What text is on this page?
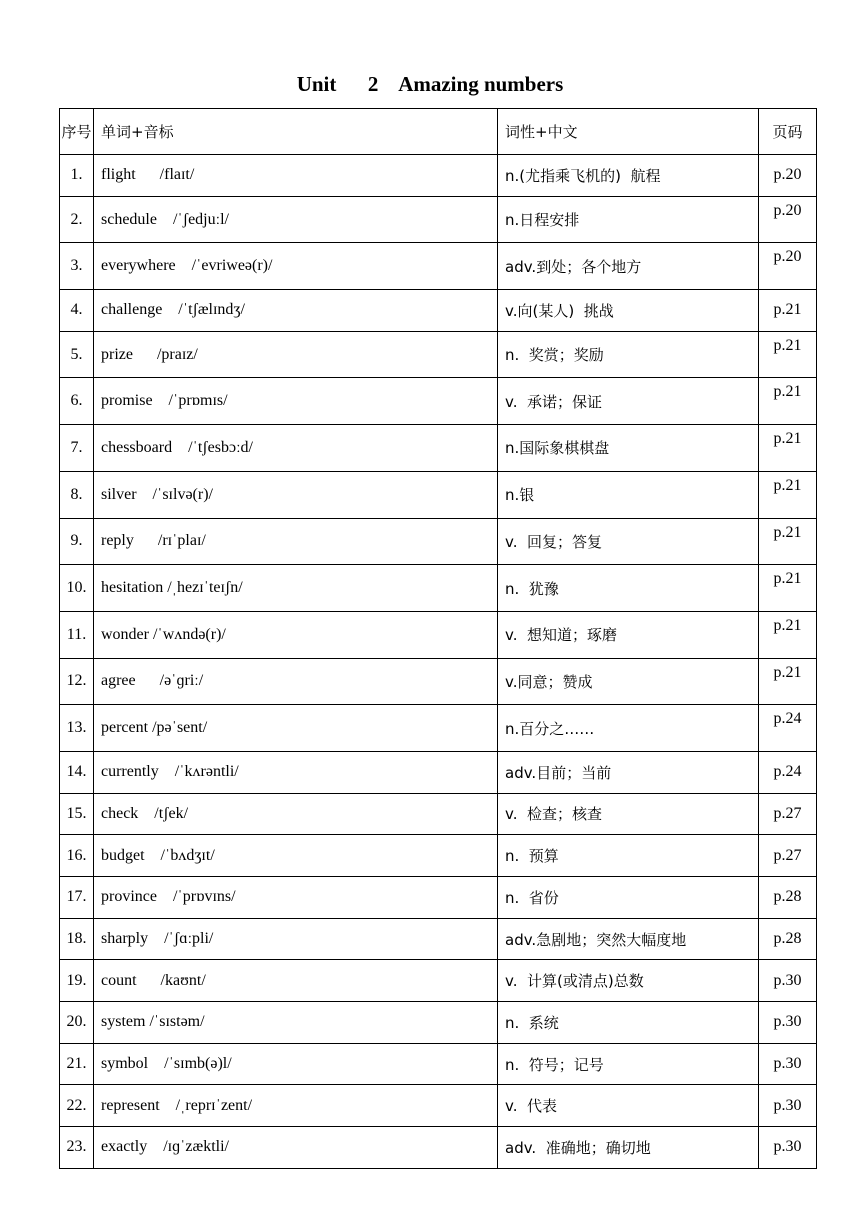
Unit      2    Amazing numbers
序号	单词+音标	词性+中文	页码
1.	flight      /flaɪt/	n.(尤指乘飞机的)  航程	p.20
2.	schedule    /ˈʃedjuːl/	n.日程安排	p.20
3.	everywhere    /ˈevriweə(r)/	adv.到处；各个地方	p.20
4.	challenge    /ˈtʃælɪndʒ/	v.向(某人)  挑战	p.21
5.	prize      /praɪz/	n.  奖赏；奖励	p.21
6.	promise    /ˈprɒmɪs/	v.  承诺；保证	p.21
7.	chessboard    /ˈtʃesbɔːd/	n.国际象棋棋盘	p.21
8.	silver    /ˈsɪlvə(r)/	n.银	p.21
9.	reply      /rɪˈplaɪ/	v.  回复；答复	p.21
10.	hesitation /ˌhezɪˈteɪʃn/	n.  犹豫	p.21
11.	wonder /ˈwʌndə(r)/	v.  想知道；琢磨	p.21
12.	agree      /əˈɡriː/	v.同意；赞成	p.21
13.	percent /pəˈsent/	n.百分之……	p.24
14.	currently    /ˈkʌrəntli/	adv.目前；当前	p.24
15.	check    /tʃek/	v.  检查；核查	p.27
16.	budget    /ˈbʌdʒɪt/	n.  预算	p.27
17.	province    /ˈprɒvɪns/	n.  省份	p.28
18.	sharply    /ˈʃɑːpli/	adv.急剧地；突然大幅度地	p.28
19.	count      /kaʊnt/	v.  计算(或清点)总数	p.30
20.	system /ˈsɪstəm/	n.  系统	p.30
21.	symbol    /ˈsɪmb(ə)l/	n.  符号；记号	p.30
22.	represent    /ˌreprɪˈzent/	v.  代表	p.30
23.	exactly    /ɪɡˈzæktli/	adv.  准确地；确切地	p.30
